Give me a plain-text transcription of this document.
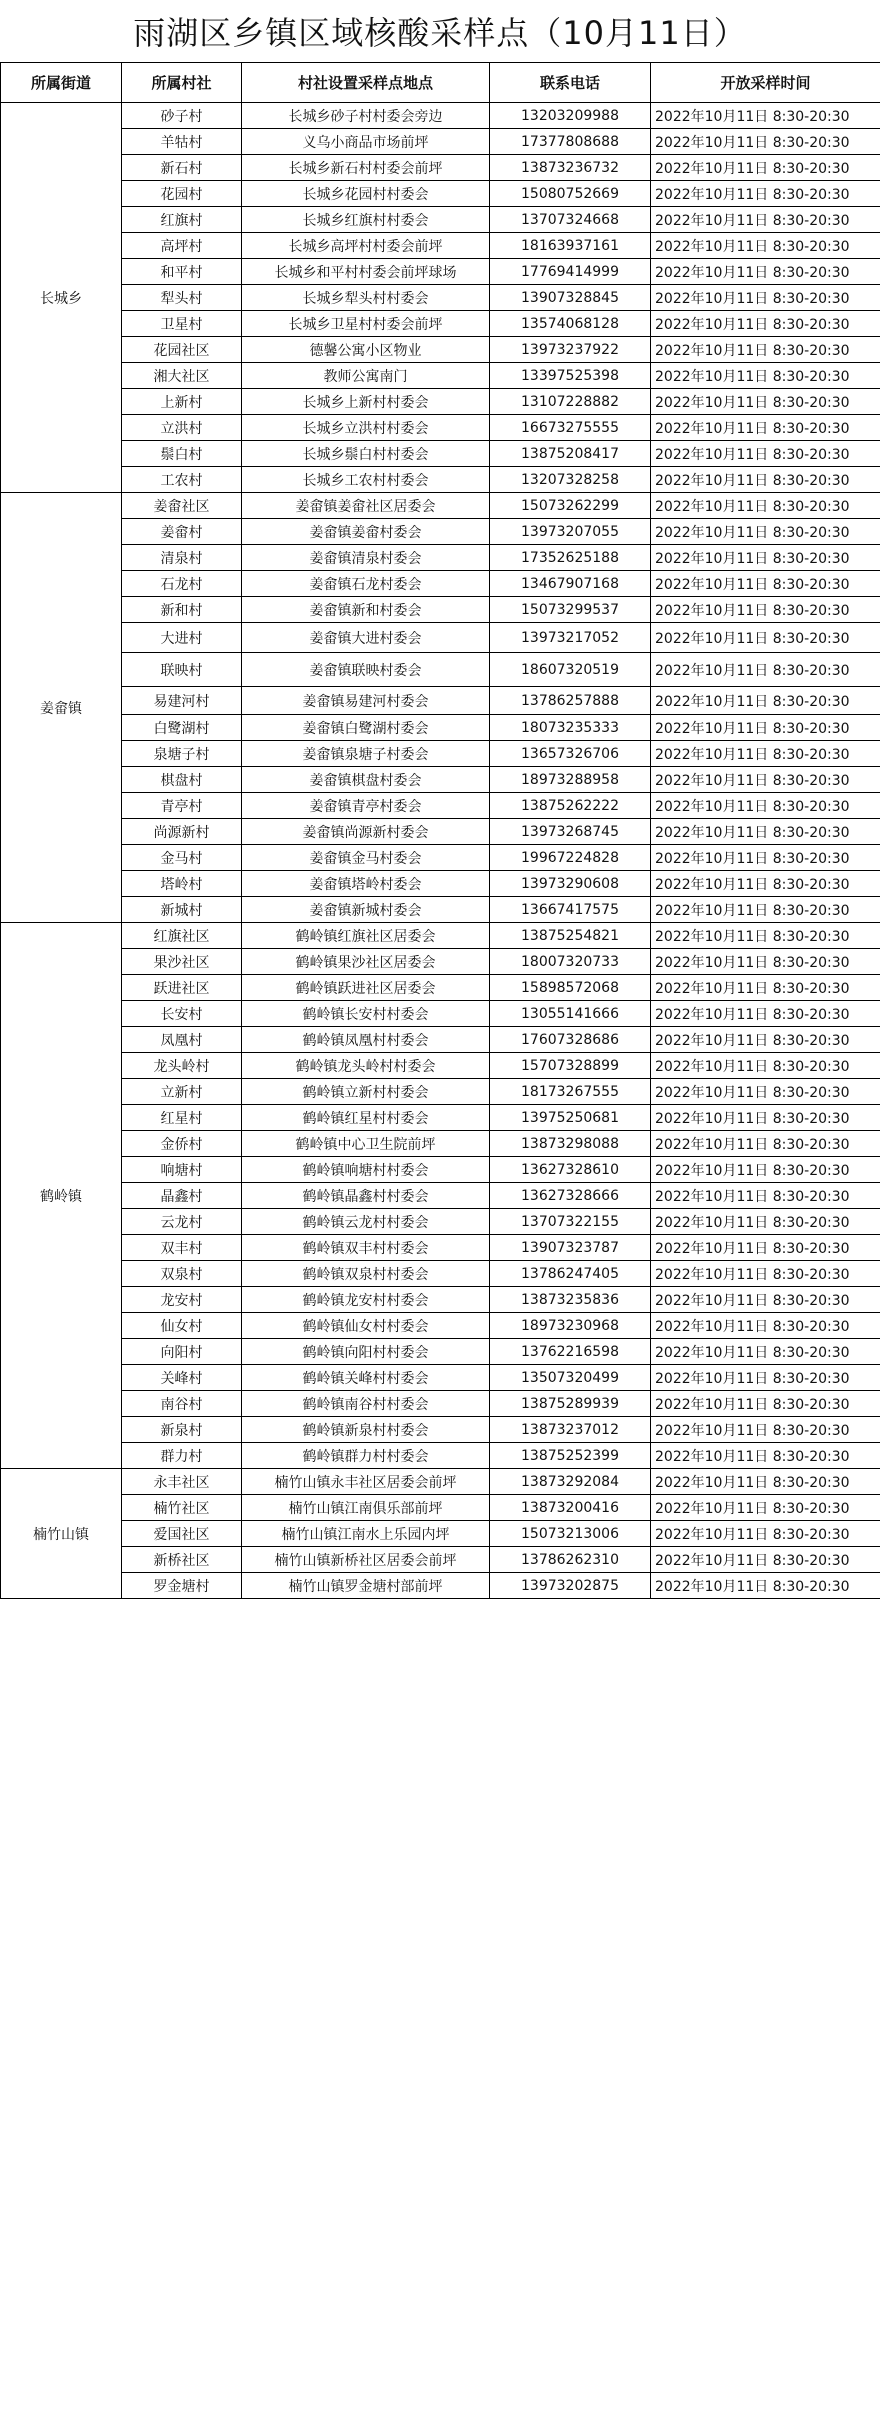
雨湖区乡镇区域核酸采样点（10月11日）
所属街道	所属村社	村社设置采样点地点	联系电话	开放采样时间
长城乡	砂子村	长城乡砂子村村委会旁边	13203209988	2022年10月11日 8:30-20:30
	羊牯村	义乌小商品市场前坪	17377808688	2022年10月11日 8:30-20:30
	新石村	长城乡新石村村委会前坪	13873236732	2022年10月11日 8:30-20:30
	花园村	长城乡花园村村委会	15080752669	2022年10月11日 8:30-20:30
	红旗村	长城乡红旗村村委会	13707324668	2022年10月11日 8:30-20:30
	高坪村	长城乡高坪村村委会前坪	18163937161	2022年10月11日 8:30-20:30
	和平村	长城乡和平村村委会前坪球场	17769414999	2022年10月11日 8:30-20:30
	犁头村	长城乡犁头村村委会	13907328845	2022年10月11日 8:30-20:30
	卫星村	长城乡卫星村村委会前坪	13574068128	2022年10月11日 8:30-20:30
	花园社区	德馨公寓小区物业	13973237922	2022年10月11日 8:30-20:30
	湘大社区	教师公寓南门	13397525398	2022年10月11日 8:30-20:30
	上新村	长城乡上新村村委会	13107228882	2022年10月11日 8:30-20:30
	立洪村	长城乡立洪村村委会	16673275555	2022年10月11日 8:30-20:30
	鬃白村	长城乡鬃白村村委会	13875208417	2022年10月11日 8:30-20:30
	工农村	长城乡工农村村委会	13207328258	2022年10月11日 8:30-20:30
姜畲镇	姜畲社区	姜畲镇姜畲社区居委会	15073262299	2022年10月11日 8:30-20:30
	姜畲村	姜畲镇姜畲村委会	13973207055	2022年10月11日 8:30-20:30
	清泉村	姜畲镇清泉村委会	17352625188	2022年10月11日 8:30-20:30
	石龙村	姜畲镇石龙村委会	13467907168	2022年10月11日 8:30-20:30
	新和村	姜畲镇新和村委会	15073299537	2022年10月11日 8:30-20:30
	大进村	姜畲镇大进村委会	13973217052	2022年10月11日 8:30-20:30
	联映村	姜畲镇联映村委会	18607320519	2022年10月11日 8:30-20:30
	易建河村	姜畲镇易建河村委会	13786257888	2022年10月11日 8:30-20:30
	白鹭湖村	姜畲镇白鹭湖村委会	18073235333	2022年10月11日 8:30-20:30
	泉塘子村	姜畲镇泉塘子村委会	13657326706	2022年10月11日 8:30-20:30
	棋盘村	姜畲镇棋盘村委会	18973288958	2022年10月11日 8:30-20:30
	青亭村	姜畲镇青亭村委会	13875262222	2022年10月11日 8:30-20:30
	尚源新村	姜畲镇尚源新村委会	13973268745	2022年10月11日 8:30-20:30
	金马村	姜畲镇金马村委会	19967224828	2022年10月11日 8:30-20:30
	塔岭村	姜畲镇塔岭村委会	13973290608	2022年10月11日 8:30-20:30
	新城村	姜畲镇新城村委会	13667417575	2022年10月11日 8:30-20:30
鹤岭镇	红旗社区	鹤岭镇红旗社区居委会	13875254821	2022年10月11日 8:30-20:30
	果沙社区	鹤岭镇果沙社区居委会	18007320733	2022年10月11日 8:30-20:30
	跃进社区	鹤岭镇跃进社区居委会	15898572068	2022年10月11日 8:30-20:30
	长安村	鹤岭镇长安村村委会	13055141666	2022年10月11日 8:30-20:30
	凤凰村	鹤岭镇凤凰村村委会	17607328686	2022年10月11日 8:30-20:30
	龙头岭村	鹤岭镇龙头岭村村委会	15707328899	2022年10月11日 8:30-20:30
	立新村	鹤岭镇立新村村委会	18173267555	2022年10月11日 8:30-20:30
	红星村	鹤岭镇红星村村委会	13975250681	2022年10月11日 8:30-20:30
	金侨村	鹤岭镇中心卫生院前坪	13873298088	2022年10月11日 8:30-20:30
	响塘村	鹤岭镇响塘村村委会	13627328610	2022年10月11日 8:30-20:30
	晶鑫村	鹤岭镇晶鑫村村委会	13627328666	2022年10月11日 8:30-20:30
	云龙村	鹤岭镇云龙村村委会	13707322155	2022年10月11日 8:30-20:30
	双丰村	鹤岭镇双丰村村委会	13907323787	2022年10月11日 8:30-20:30
	双泉村	鹤岭镇双泉村村委会	13786247405	2022年10月11日 8:30-20:30
	龙安村	鹤岭镇龙安村村委会	13873235836	2022年10月11日 8:30-20:30
	仙女村	鹤岭镇仙女村村委会	18973230968	2022年10月11日 8:30-20:30
	向阳村	鹤岭镇向阳村村委会	13762216598	2022年10月11日 8:30-20:30
	关峰村	鹤岭镇关峰村村委会	13507320499	2022年10月11日 8:30-20:30
	南谷村	鹤岭镇南谷村村委会	13875289939	2022年10月11日 8:30-20:30
	新泉村	鹤岭镇新泉村村委会	13873237012	2022年10月11日 8:30-20:30
	群力村	鹤岭镇群力村村委会	13875252399	2022年10月11日 8:30-20:30
楠竹山镇	永丰社区	楠竹山镇永丰社区居委会前坪	13873292084	2022年10月11日 8:30-20:30
	楠竹社区	楠竹山镇江南俱乐部前坪	13873200416	2022年10月11日 8:30-20:30
	爱国社区	楠竹山镇江南水上乐园内坪	15073213006	2022年10月11日 8:30-20:30
	新桥社区	楠竹山镇新桥社区居委会前坪	13786262310	2022年10月11日 8:30-20:30
	罗金塘村	楠竹山镇罗金塘村部前坪	13973202875	2022年10月11日 8:30-20:30
